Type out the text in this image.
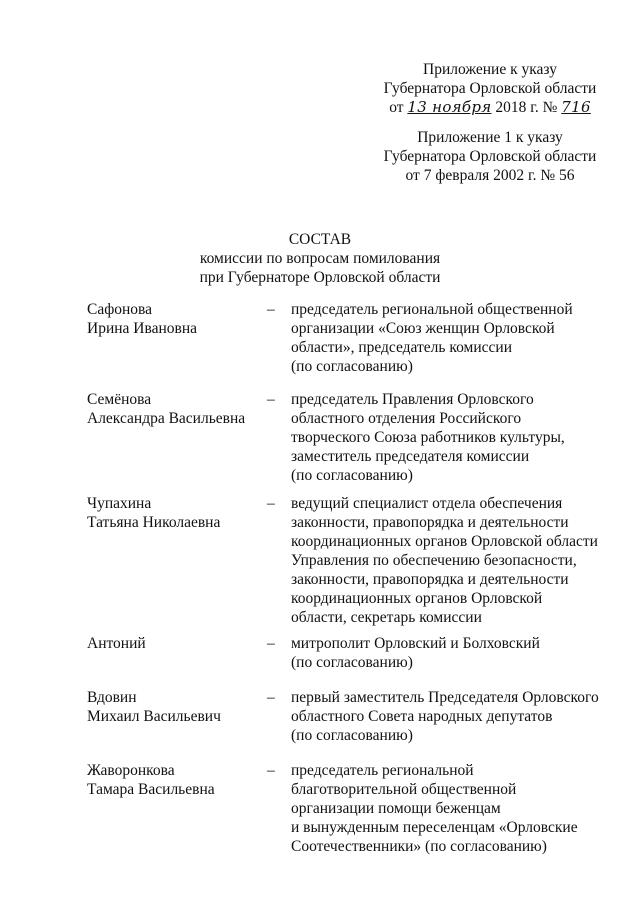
Приложение к указу
Губернатора Орловской области
от 13 ноября 2018 г. № 716
Приложение 1 к указу
Губернатора Орловской области
от 7 февраля 2002 г. № 56
СОСТАВ
комиссии по вопросам помилования
при Губернаторе Орловской области
Сафонова
Ирина Ивановна
– председатель региональной общественной
организации «Союз женщин Орловской
области», председатель комиссии
(по согласованию)
Семёнова
Александра Васильевна
– председатель Правления Орловского
областного отделения Российского
творческого Союза работников культуры,
заместитель председателя комиссии
(по согласованию)
Чупахина
Татьяна Николаевна
– ведущий специалист отдела обеспечения
законности, правопорядка и деятельности
координационных органов Орловской области
Управления по обеспечению безопасности,
законности, правопорядка и деятельности
координационных органов Орловской
области, секретарь комиссии
Антоний	– митрополит Орловский и Болховский
(по согласованию)
Вдовин
Михаил Васильевич
– первый заместитель Председателя Орловского
областного Совета народных депутатов
(по согласованию)
Жаворонкова
Тамара Васильевна
– председатель региональной
благотворительной общественной
организации помощи беженцам
и вынужденным переселенцам «Орловские
Соотечественники» (по согласованию)
